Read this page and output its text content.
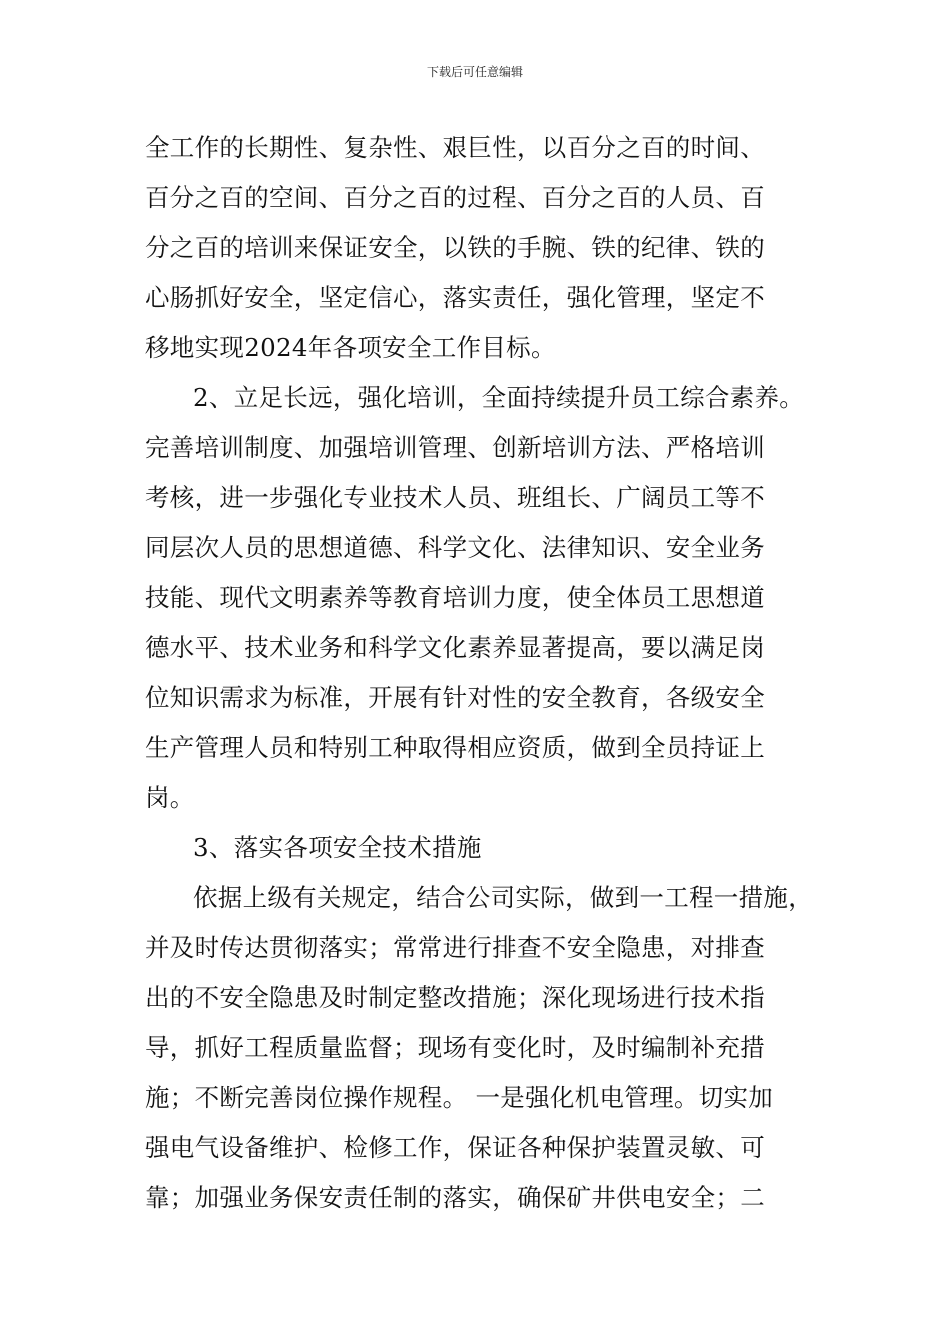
下载后可任意编辑
全工作的长期性、复杂性、艰巨性，以百分之百的时间、
百分之百的空间、百分之百的过程、百分之百的人员、百
分之百的培训来保证安全，以铁的手腕、铁的纪律、铁的
心肠抓好安全，坚定信心，落实责任，强化管理，坚定不
移地实现2024年各项安全工作目标。
2、立足长远，强化培训，全面持续提升员工综合素养。
完善培训制度、加强培训管理、创新培训方法、严格培训
考核，进一步强化专业技术人员、班组长、广阔员工等不
同层次人员的思想道德、科学文化、法律知识、安全业务
技能、现代文明素养等教育培训力度，使全体员工思想道
德水平、技术业务和科学文化素养显著提高，要以满足岗
位知识需求为标准，开展有针对性的安全教育，各级安全
生产管理人员和特别工种取得相应资质，做到全员持证上
岗。
3、落实各项安全技术措施
依据上级有关规定，结合公司实际，做到一工程一措施，
并及时传达贯彻落实；常常进行排查不安全隐患，对排查
出的不安全隐患及时制定整改措施；深化现场进行技术指
导，抓好工程质量监督；现场有变化时，及时编制补充措
施；不断完善岗位操作规程。 一是强化机电管理。切实加
强电气设备维护、检修工作，保证各种保护装置灵敏、可
靠；加强业务保安责任制的落实，确保矿井供电安全；二
